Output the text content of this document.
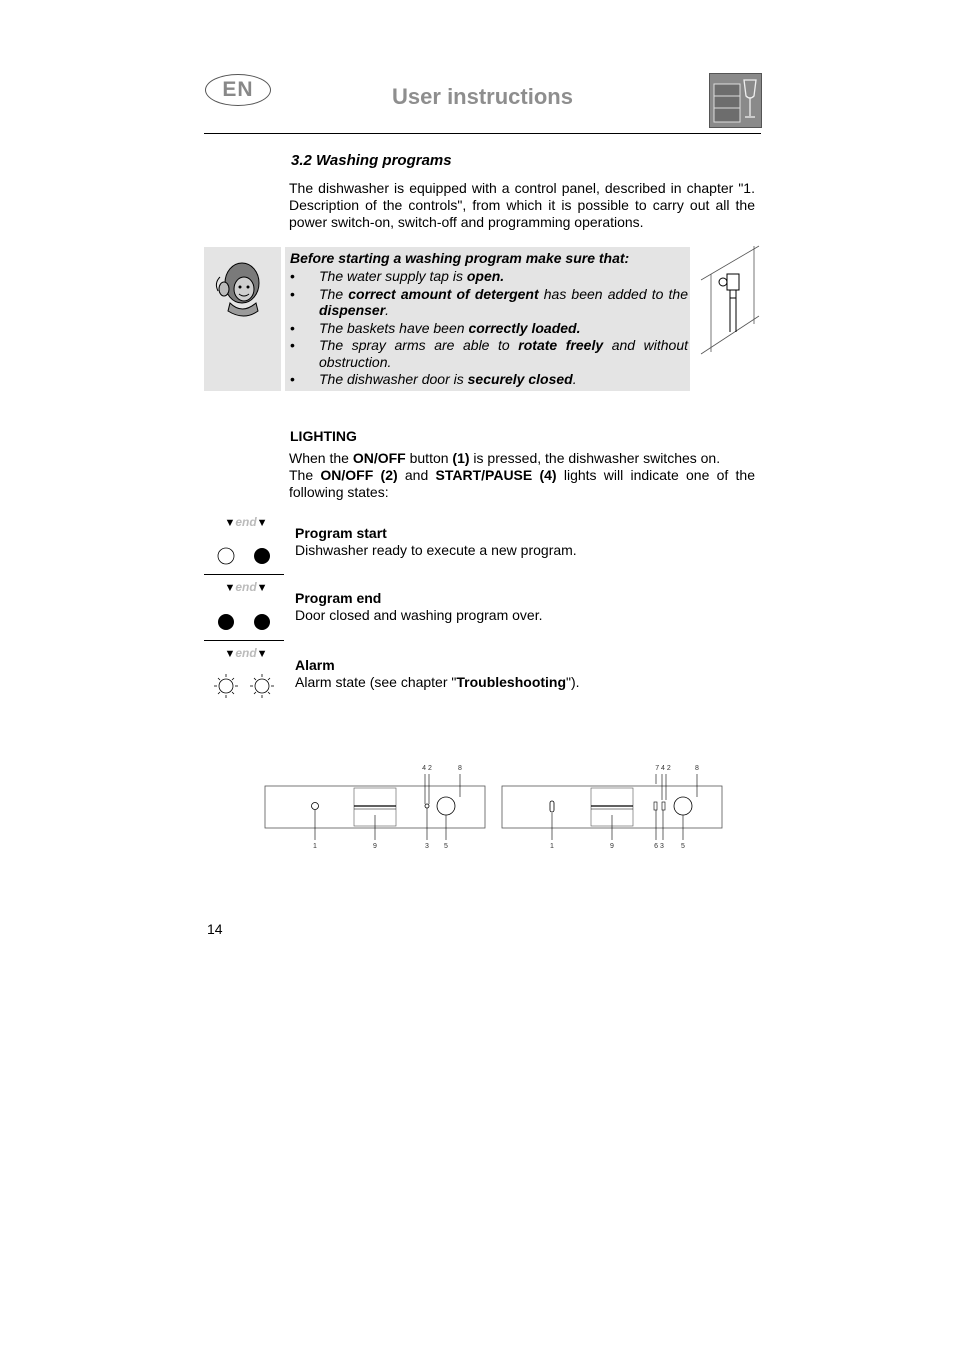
EN	User instructions
3.2 Washing programs
The dishwasher is equipped with a control panel, described in chapter "1. Description of the controls", from which it is possible to carry out all the power switch-on, switch-off and programming operations.
Before starting a washing program make sure that:
• The water supply tap is open.
• The correct amount of detergent has been added to the dispenser.
• The baskets have been correctly loaded.
• The spray arms are able to rotate freely and without obstruction.
• The dishwasher door is securely closed.
LIGHTING
When the ON/OFF button (1) is pressed, the dishwasher switches on.
The ON/OFF (2) and START/PAUSE (4) lights will indicate one of the following states:
▼end▼
Program start
Dishwasher ready to execute a new program.
▼end▼
Program end
Door closed and washing program over.
▼end▼
Alarm
Alarm state (see chapter "Troubleshooting").
4 2	8
1	9	3 5
7 4 2	8
1	9	6 3 5
14
